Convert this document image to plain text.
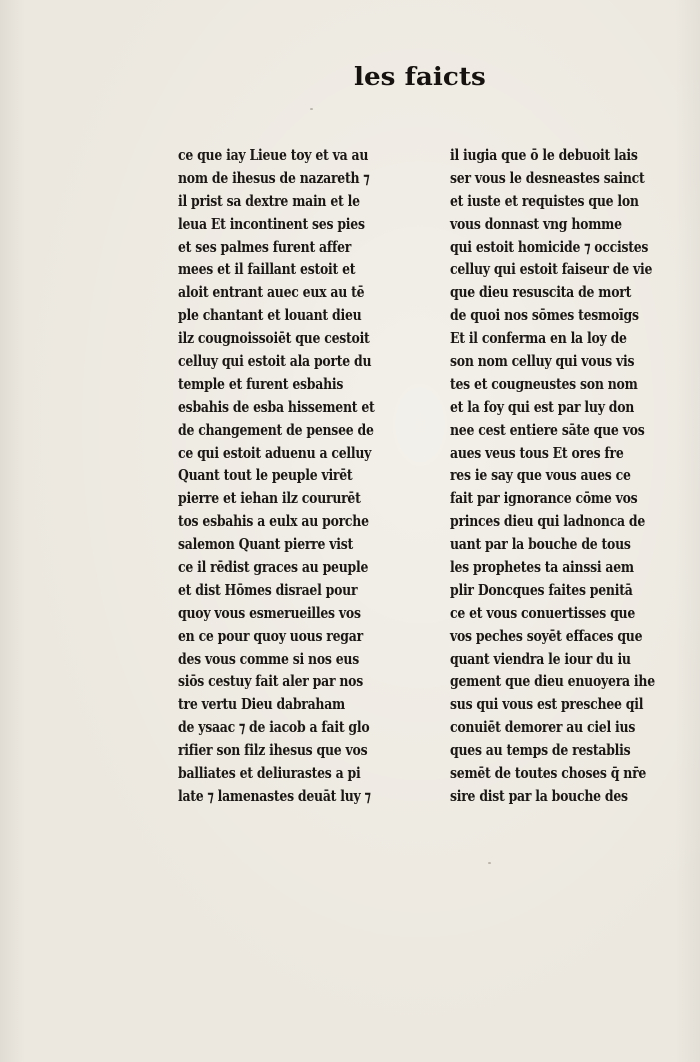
les faicts
ce que iay Lieue toy et va au
nom de ihesus de nazareth ⁊
il prist sa dextre main et le
leua Et incontinent ses pies
et ses palmes furent affer
mees et il faillant estoit et
aloit entrant auec eux au tē
ple chantant et louant dieu
ilz cougnoissoiēt que cestoit
celluy qui estoit ala porte du
temple et furent esbahis
esbahis de esba hissement et
de changement de pensee de
ce qui estoit aduenu a celluy
Quant tout le peuple virēt
pierre et iehan ilz coururēt
tos esbahis a eulx au porche
salemon Quant pierre vist
ce il rēdist graces au peuple
et dist Hōmes disrael pour
quoy vous esmerueilles vos
en ce pour quoy uous regar
des vous comme si nos eus
siōs cestuy fait aler par nos
tre vertu Dieu dabraham
de ysaac ⁊ de iacob a fait glo
rifier son filz ihesus que vos
balliates et deliurastes a pi
late ⁊ lamenastes deuāt luy ⁊
il iugia que ō le debuoit lais
ser vous le desneastes sainct
et iuste et requistes que lon
vous donnast vng homme
qui estoit homicide ⁊ occistes
celluy qui estoit faiseur de vie
que dieu resuscita de mort
de quoi nos sōmes tesmoīgs
Et il conferma en la loy de
son nom celluy qui vous vis
tes et cougneustes son nom
et la foy qui est par luy don
nee cest entiere sāte que vos
aues veus tous Et ores fre
res ie say que vous aues ce
fait par ignorance cōme vos
princes dieu qui ladnonca de
uant par la bouche de tous
les prophetes ta ainssi aem
plir Doncques faites penitā
ce et vous conuertisses que
vos peches soyēt effaces que
quant viendra le iour du iu
gement que dieu enuoyera ihe
sus qui vous est preschee qil
conuiēt demorer au ciel ius
ques au temps de restablis
semēt de toutes choses q̄ nr̄e
sire dist par la bouche des
